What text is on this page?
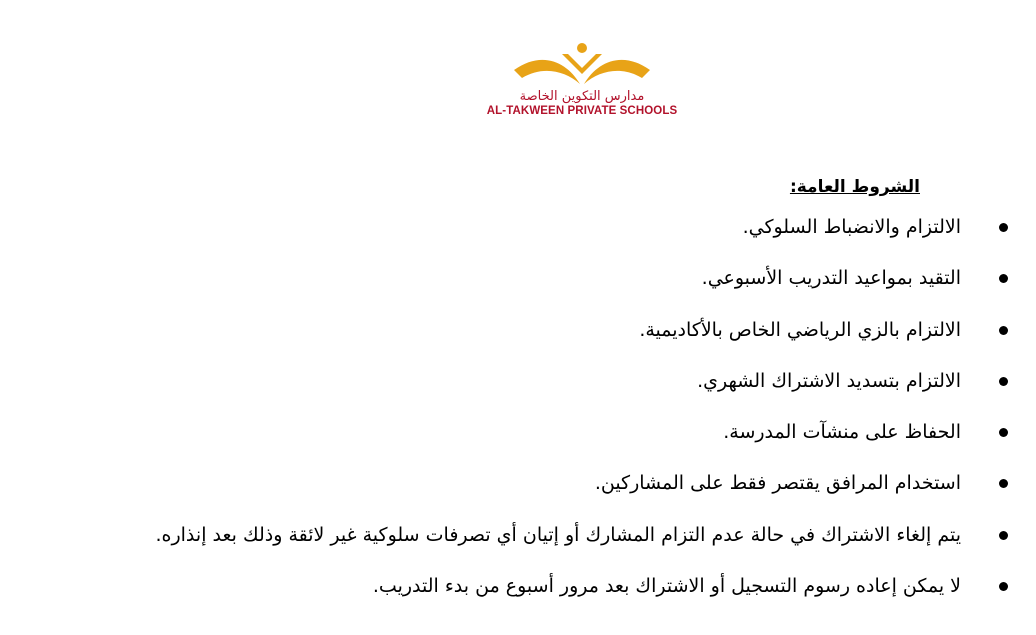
مدارس التكوين الخاصة
AL-TAKWEEN PRIVATE SCHOOLS
الشروط العامة:
الالتزام والانضباط السلوكي.
التقيد بمواعيد التدريب الأسبوعي.
الالتزام بالزي الرياضي الخاص بالأكاديمية.
الالتزام بتسديد الاشتراك الشهري.
الحفاظ على منشآت المدرسة.
استخدام المرافق يقتصر فقط على المشاركين.
يتم إلغاء الاشتراك في حالة عدم التزام المشارك أو إتيان أي تصرفات سلوكية غير لائقة وذلك بعد إنذاره.
لا يمكن إعاده رسوم التسجيل أو الاشتراك بعد مرور أسبوع من بدء التدريب.
